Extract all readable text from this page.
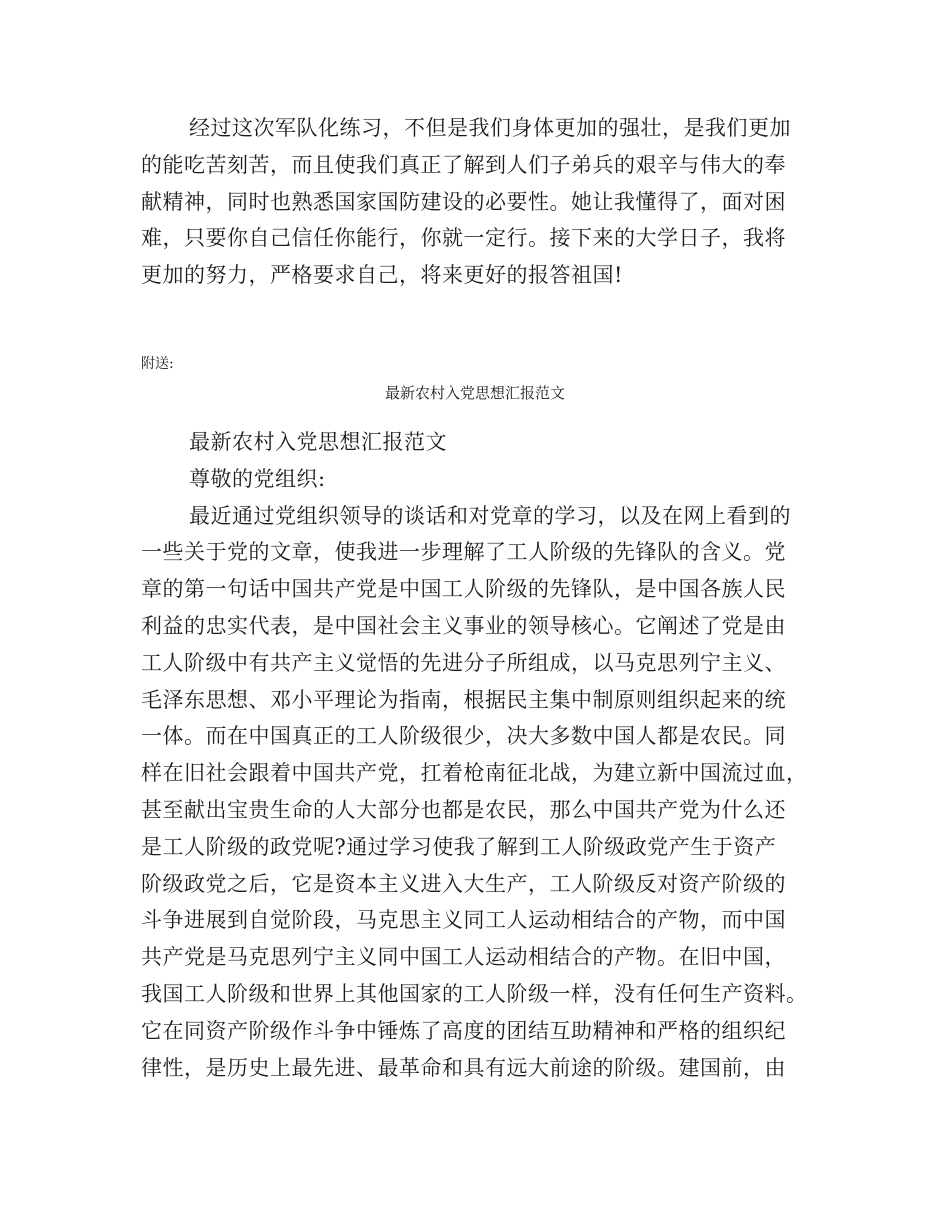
经过这次军队化练习，不但是我们身体更加的强壮，是我们更加
的能吃苦刻苦，而且使我们真正了解到人们子弟兵的艰辛与伟大的奉
献精神，同时也熟悉国家国防建设的必要性。她让我懂得了，面对困
难，只要你自己信任你能行，你就一定行。接下来的大学日子，我将
更加的努力，严格要求自己，将来更好的报答祖国!
附送:
最新农村入党思想汇报范文
最新农村入党思想汇报范文
尊敬的党组织:
最近通过党组织领导的谈话和对党章的学习，以及在网上看到的
一些关于党的文章，使我进一步理解了工人阶级的先锋队的含义。党
章的第一句话中国共产党是中国工人阶级的先锋队，是中国各族人民
利益的忠实代表，是中国社会主义事业的领导核心。它阐述了党是由
工人阶级中有共产主义觉悟的先进分子所组成，以马克思列宁主义、
毛泽东思想、邓小平理论为指南，根据民主集中制原则组织起来的统
一体。而在中国真正的工人阶级很少，决大多数中国人都是农民。同
样在旧社会跟着中国共产党，扛着枪南征北战，为建立新中国流过血，
甚至献出宝贵生命的人大部分也都是农民，那么中国共产党为什么还
是工人阶级的政党呢?通过学习使我了解到工人阶级政党产生于资产
阶级政党之后，它是资本主义进入大生产，工人阶级反对资产阶级的
斗争进展到自觉阶段，马克思主义同工人运动相结合的产物，而中国
共产党是马克思列宁主义同中国工人运动相结合的产物。在旧中国，
我国工人阶级和世界上其他国家的工人阶级一样，没有任何生产资料。
它在同资产阶级作斗争中锤炼了高度的团结互助精神和严格的组织纪
律性，是历史上最先进、最革命和具有远大前途的阶级。建国前，由
